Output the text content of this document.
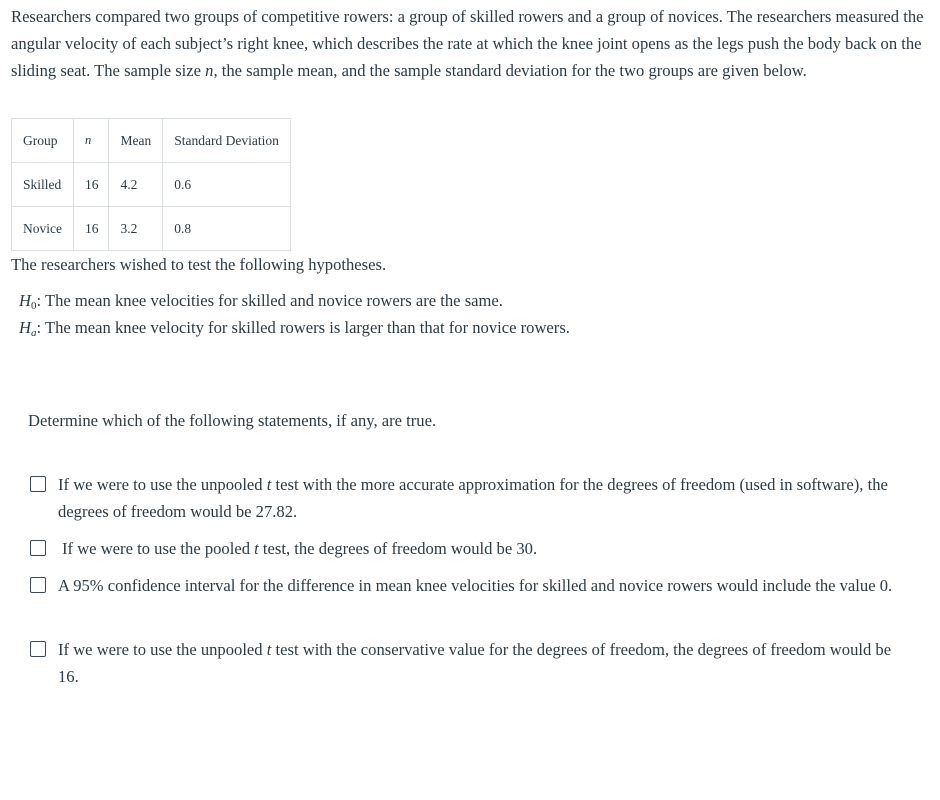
Researchers compared two groups of competitive rowers: a group of skilled rowers and a group of novices. The researchers measured the angular velocity of each subject’s right knee, which describes the rate at which the knee joint opens as the legs push the body back on the sliding seat. The sample size n, the sample mean, and the sample standard deviation for the two groups are given below.

Group	n	Mean	Standard Deviation
Skilled	16	4.2	0.6
Novice	16	3.2	0.8

The researchers wished to test the following hypotheses.

$H_0$: The mean knee velocities for skilled and novice rowers are the same.

Ha: The mean knee velocity for skilled rowers is larger than that for novice rowers.

Determine which of the following statements, if any, are true.

If we were to use the unpooled t test with the more accurate approximation for the degrees of freedom (used in software), the degrees of freedom would be 27.82.

If we were to use the pooled t test, the degrees of freedom would be 30.

A 95% confidence interval for the difference in mean knee velocities for skilled and novice rowers would include the value 0.

If we were to use the unpooled t test with the conservative value for the degrees of freedom, the degrees of freedom would be 16.
